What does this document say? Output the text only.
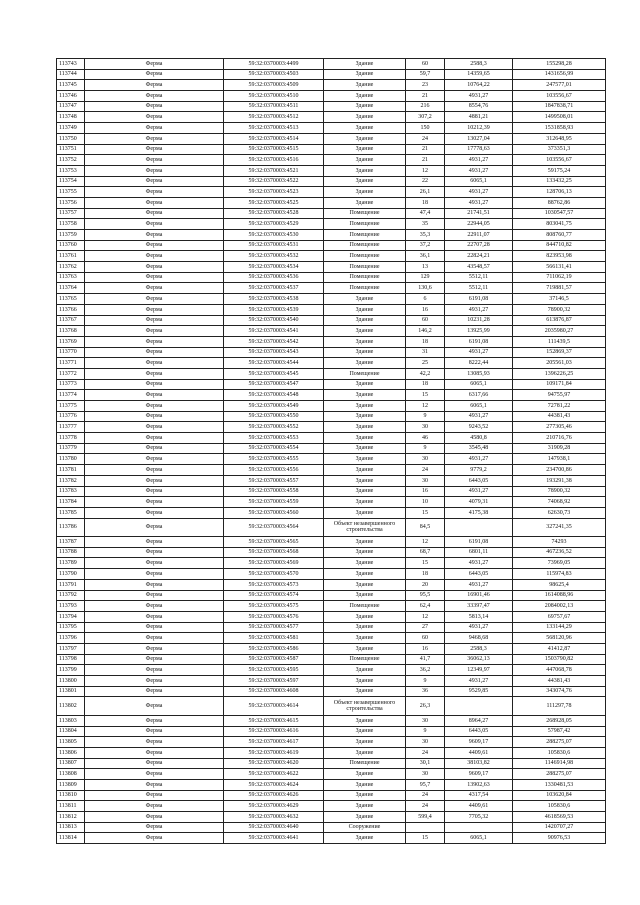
113743	Ферма	59:32:0370003:4499	Здание	60	2588,3	155298,28
113744	Ферма	59:32:0370003:4503	Здание	59,7	14359,65	1431656,99
113745	Ферма	59:32:0370003:4509	Здание	23	10764,22	247577,01
113746	Ферма	59:32:0370003:4510	Здание	21	4931,27	103556,67
113747	Ферма	59:32:0370003:4511	Здание	216	8554,76	1847838,71
113748	Ферма	59:32:0370003:4512	Здание	307,2	4881,21	1499508,01
113749	Ферма	59:32:0370003:4513	Здание	150	10212,39	1531858,93
113750	Ферма	59:32:0370003:4514	Здание	24	13027,04	312648,95
113751	Ферма	59:32:0370003:4515	Здание	21	17778,63	373351,3
113752	Ферма	59:32:0370003:4516	Здание	21	4931,27	103556,67
113753	Ферма	59:32:0370003:4521	Здание	12	4931,27	59175,24
113754	Ферма	59:32:0370003:4522	Здание	22	6065,1	133432,25
113755	Ферма	59:32:0370003:4523	Здание	26,1	4931,27	128706,13
113756	Ферма	59:32:0370003:4525	Здание	18	4931,27	88762,86
113757	Ферма	59:32:0370003:4528	Помещение	47,4	21741,51	1030547,57
113758	Ферма	59:32:0370003:4529	Помещение	35	22944,05	803041,75
113759	Ферма	59:32:0370003:4530	Помещение	35,3	22911,07	808760,77
113760	Ферма	59:32:0370003:4531	Помещение	37,2	22707,28	844710,82
113761	Ферма	59:32:0370003:4532	Помещение	36,1	22824,21	823953,98
113762	Ферма	59:32:0370003:4534	Помещение	13	43548,57	566131,41
113763	Ферма	59:32:0370003:4536	Помещение	129	5512,11	711062,19
113764	Ферма	59:32:0370003:4537	Помещение	130,6	5512,11	719881,57
113765	Ферма	59:32:0370003:4538	Здание	6	6191,08	37146,5
113766	Ферма	59:32:0370003:4539	Здание	16	4931,27	78900,32
113767	Ферма	59:32:0370003:4540	Здание	60	10231,28	613876,87
113768	Ферма	59:32:0370003:4541	Здание	146,2	13925,99	2035980,27
113769	Ферма	59:32:0370003:4542	Здание	18	6191,08	111439,5
113770	Ферма	59:32:0370003:4543	Здание	31	4931,27	152869,37
113771	Ферма	59:32:0370003:4544	Здание	25	8222,44	205561,03
113772	Ферма	59:32:0370003:4545	Помещение	42,2	13085,93	1396226,25
113773	Ферма	59:32:0370003:4547	Здание	18	6065,1	109171,84
113774	Ферма	59:32:0370003:4548	Здание	15	6317,66	94755,97
113775	Ферма	59:32:0370003:4549	Здание	12	6065,1	72781,22
113776	Ферма	59:32:0370003:4550	Здание	9	4931,27	44381,43
113777	Ферма	59:32:0370003:4552	Здание	30	9243,52	277305,46
113778	Ферма	59:32:0370003:4553	Здание	46	4580,8	210716,76
113779	Ферма	59:32:0370003:4554	Здание	9	3545,48	31909,28
113780	Ферма	59:32:0370003:4555	Здание	30	4931,27	147938,1
113781	Ферма	59:32:0370003:4556	Здание	24	9779,2	234700,86
113782	Ферма	59:32:0370003:4557	Здание	30	6443,05	193291,38
113783	Ферма	59:32:0370003:4558	Здание	16	4931,27	78900,32
113784	Ферма	59:32:0370003:4559	Здание	10	4079,31	74068,92
113785	Ферма	59:32:0370003:4560	Здание	15	4175,38	62630,73
113786	Ферма	59:32:0370003:4564	Объект незавершенного строительства	84,5		327241,35
113787	Ферма	59:32:0370003:4565	Здание	12	6191,08	74293
113788	Ферма	59:32:0370003:4568	Здание	68,7	6801,11	467236,52
113789	Ферма	59:32:0370003:4569	Здание	15	4931,27	73969,05
113790	Ферма	59:32:0370003:4570	Здание	18	6443,05	115974,83
113791	Ферма	59:32:0370003:4573	Здание	20	4931,27	98625,4
113792	Ферма	59:32:0370003:4574	Здание	95,5	16901,46	1614088,96
113793	Ферма	59:32:0370003:4575	Помещение	62,4	33397,47	2084002,13
113794	Ферма	59:32:0370003:4576	Здание	12	5813,14	69757,67
113795	Ферма	59:32:0370003:4577	Здание	27	4931,27	133144,29
113796	Ферма	59:32:0370003:4581	Здание	60	9468,68	568120,96
113797	Ферма	59:32:0370003:4586	Здание	16	2588,3	41412,87
113798	Ферма	59:32:0370003:4587	Помещение	41,7	36062,13	1503790,82
113799	Ферма	59:32:0370003:4595	Здание	36,2	12349,97	447068,78
113800	Ферма	59:32:0370003:4597	Здание	9	4931,27	44381,43
113801	Ферма	59:32:0370003:4608	Здание	36	9529,85	343074,76
113802	Ферма	59:32:0370003:4614	Объект незавершенного строительства	26,3		111297,78
113803	Ферма	59:32:0370003:4615	Здание	30	8964,27	268928,05
113804	Ферма	59:32:0370003:4616	Здание	9	6443,05	57987,42
113805	Ферма	59:32:0370003:4617	Здание	30	9609,17	288275,07
113806	Ферма	59:32:0370003:4619	Здание	24	4409,61	105830,6
113807	Ферма	59:32:0370003:4620	Помещение	30,1	38103,82	1146914,98
113808	Ферма	59:32:0370003:4622	Здание	30	9609,17	288275,07
113809	Ферма	59:32:0370003:4624	Здание	95,7	13902,63	1330481,53
113810	Ферма	59:32:0370003:4626	Здание	24	4317,54	103620,84
113811	Ферма	59:32:0370003:4629	Здание	24	4409,61	105830,6
113812	Ферма	59:32:0370003:4632	Здание	599,4	7705,32	4618569,53
113813	Ферма	59:32:0370003:4640	Сооружение			1420707,27
113814	Ферма	59:32:0370003:4641	Здание	15	6065,1	90976,53
